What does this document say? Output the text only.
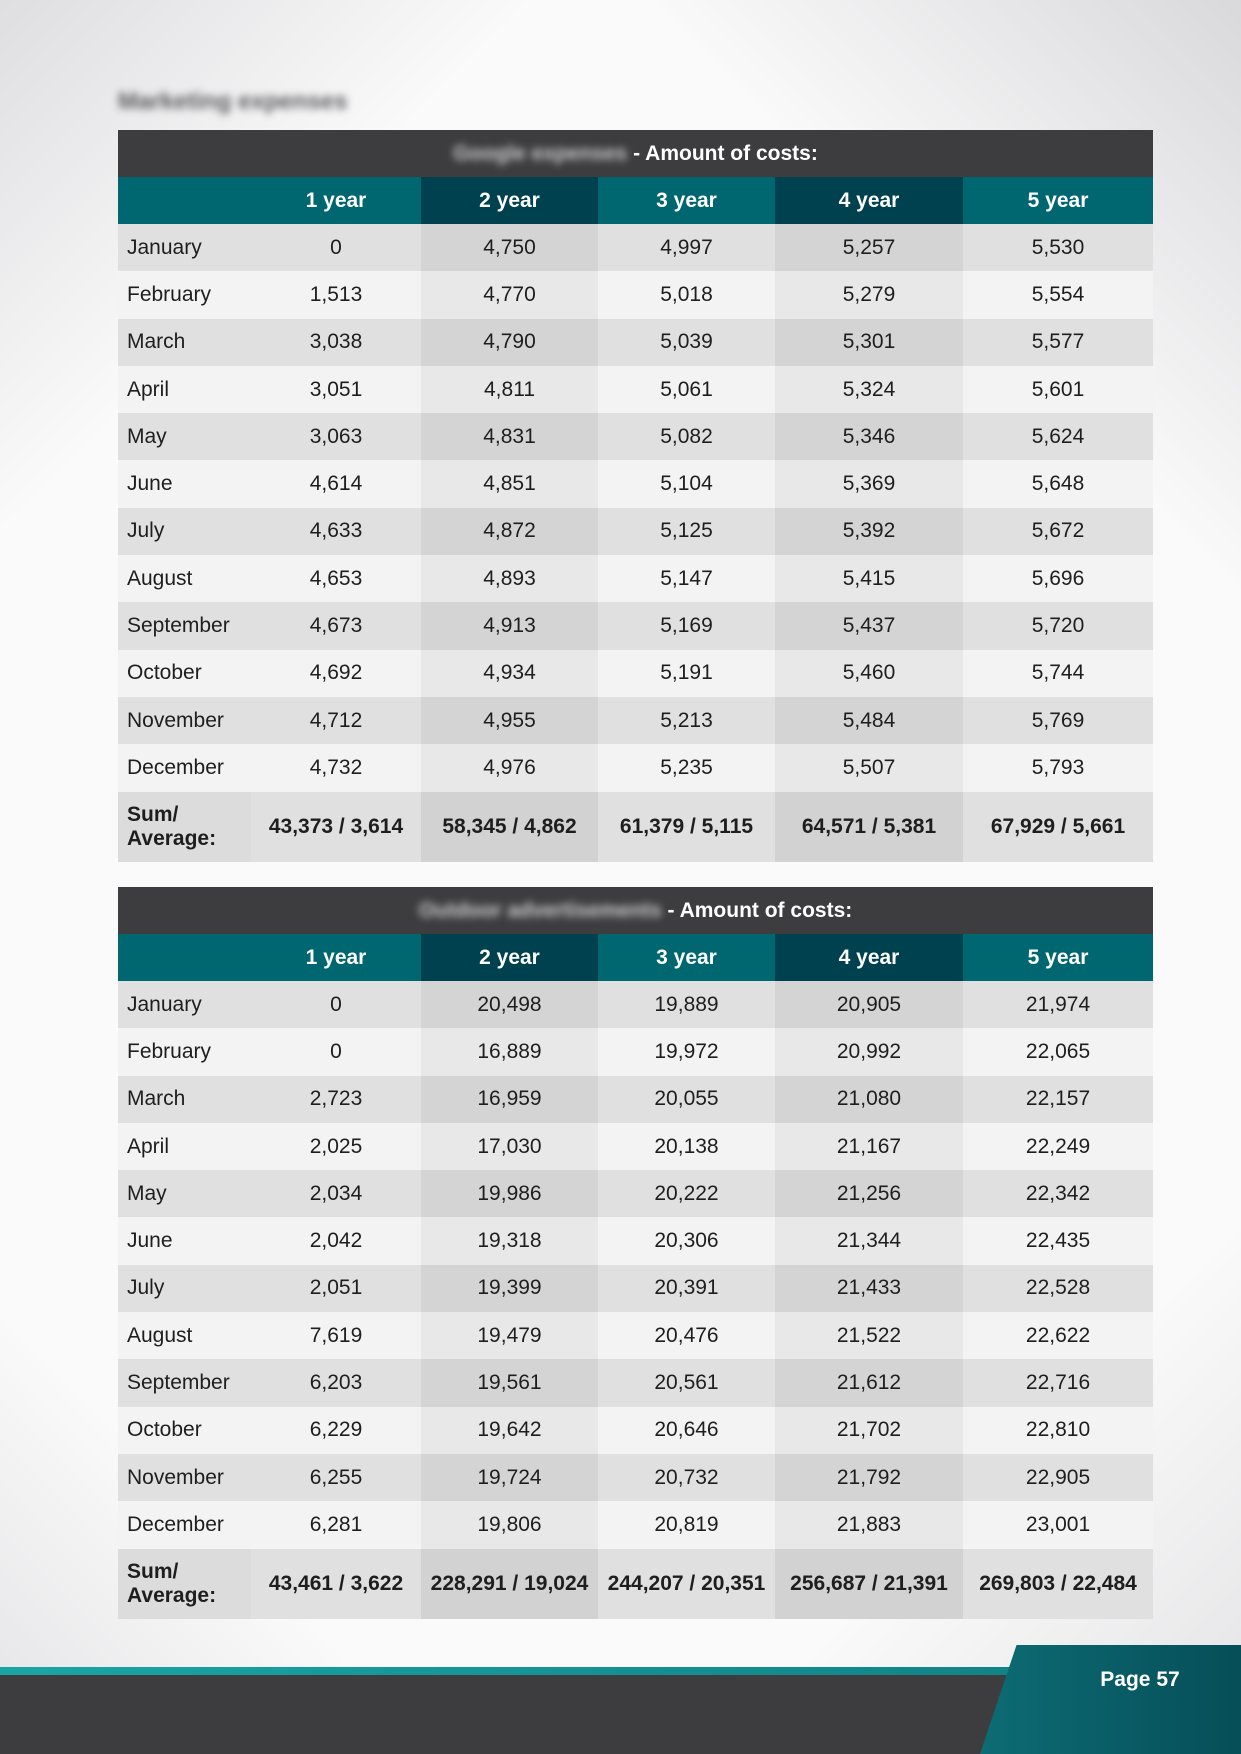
Marketing expenses
Google expenses - Amount of costs:					
	1 year	2 year	3 year	4 year	5 year
January	0	4,750	4,997	5,257	5,530
February	1,513	4,770	5,018	5,279	5,554
March	3,038	4,790	5,039	5,301	5,577
April	3,051	4,811	5,061	5,324	5,601
May	3,063	4,831	5,082	5,346	5,624
June	4,614	4,851	5,104	5,369	5,648
July	4,633	4,872	5,125	5,392	5,672
August	4,653	4,893	5,147	5,415	5,696
September	4,673	4,913	5,169	5,437	5,720
October	4,692	4,934	5,191	5,460	5,744
November	4,712	4,955	5,213	5,484	5,769
December	4,732	4,976	5,235	5,507	5,793
Sum/ Average:	43,373 / 3,614	58,345 / 4,862	61,379 / 5,115	64,571 / 5,381	67,929 / 5,661
Outdoor advertisements - Amount of costs:					
	1 year	2 year	3 year	4 year	5 year
January	0	20,498	19,889	20,905	21,974
February	0	16,889	19,972	20,992	22,065
March	2,723	16,959	20,055	21,080	22,157
April	2,025	17,030	20,138	21,167	22,249
May	2,034	19,986	20,222	21,256	22,342
June	2,042	19,318	20,306	21,344	22,435
July	2,051	19,399	20,391	21,433	22,528
August	7,619	19,479	20,476	21,522	22,622
September	6,203	19,561	20,561	21,612	22,716
October	6,229	19,642	20,646	21,702	22,810
November	6,255	19,724	20,732	21,792	22,905
December	6,281	19,806	20,819	21,883	23,001
Sum/ Average:	43,461 / 3,622	228,291 / 19,024	244,207 / 20,351	256,687 / 21,391	269,803 / 22,484
Page 57
